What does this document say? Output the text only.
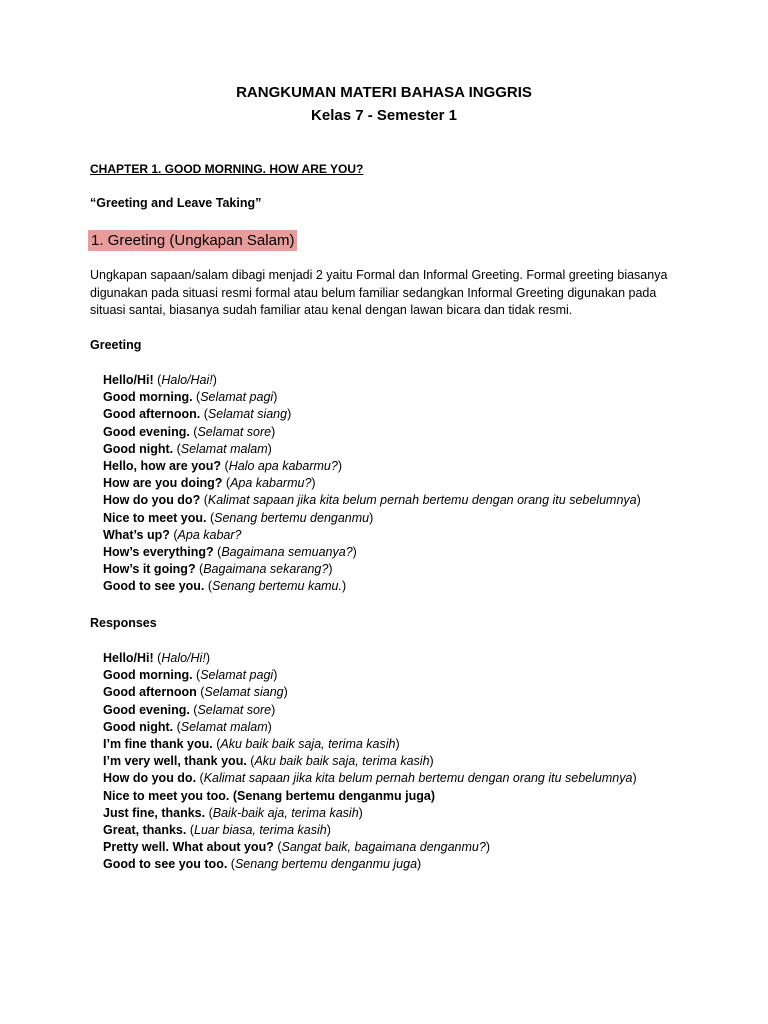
RANGKUMAN MATERI BAHASA INGGRIS
Kelas 7 - Semester 1
CHAPTER 1. GOOD MORNING. HOW ARE YOU?
“Greeting and Leave Taking”
1. Greeting (Ungkapan Salam)
Ungkapan sapaan/salam dibagi menjadi 2 yaitu Formal dan Informal Greeting. Formal greeting biasanya
digunakan pada situasi resmi formal atau belum familiar sedangkan Informal Greeting digunakan pada
situasi santai, biasanya sudah familiar atau kenal dengan lawan bicara dan tidak resmi.
Greeting
Hello/Hi! (Halo/Hai!)
Good morning. (Selamat pagi)
Good afternoon. (Selamat siang)
Good evening. (Selamat sore)
Good night. (Selamat malam)
Hello, how are you? (Halo apa kabarmu?)
How are you doing? (Apa kabarmu?)
How do you do? (Kalimat sapaan jika kita belum pernah bertemu dengan orang itu sebelumnya)
Nice to meet you. (Senang bertemu denganmu)
What’s up? (Apa kabar?
How’s everything? (Bagaimana semuanya?)
How’s it going? (Bagaimana sekarang?)
Good to see you. (Senang bertemu kamu.)
Responses
Hello/Hi! (Halo/Hi!)
Good morning. (Selamat pagi)
Good afternoon (Selamat siang)
Good evening. (Selamat sore)
Good night. (Selamat malam)
I’m fine thank you. (Aku baik baik saja, terima kasih)
I’m very well, thank you. (Aku baik baik saja, terima kasih)
How do you do. (Kalimat sapaan jika kita belum pernah bertemu dengan orang itu sebelumnya)
Nice to meet you too. (Senang bertemu denganmu juga)
Just fine, thanks. (Baik-baik aja, terima kasih)
Great, thanks. (Luar biasa, terima kasih)
Pretty well. What about you? (Sangat baik, bagaimana denganmu?)
Good to see you too. (Senang bertemu denganmu juga)
